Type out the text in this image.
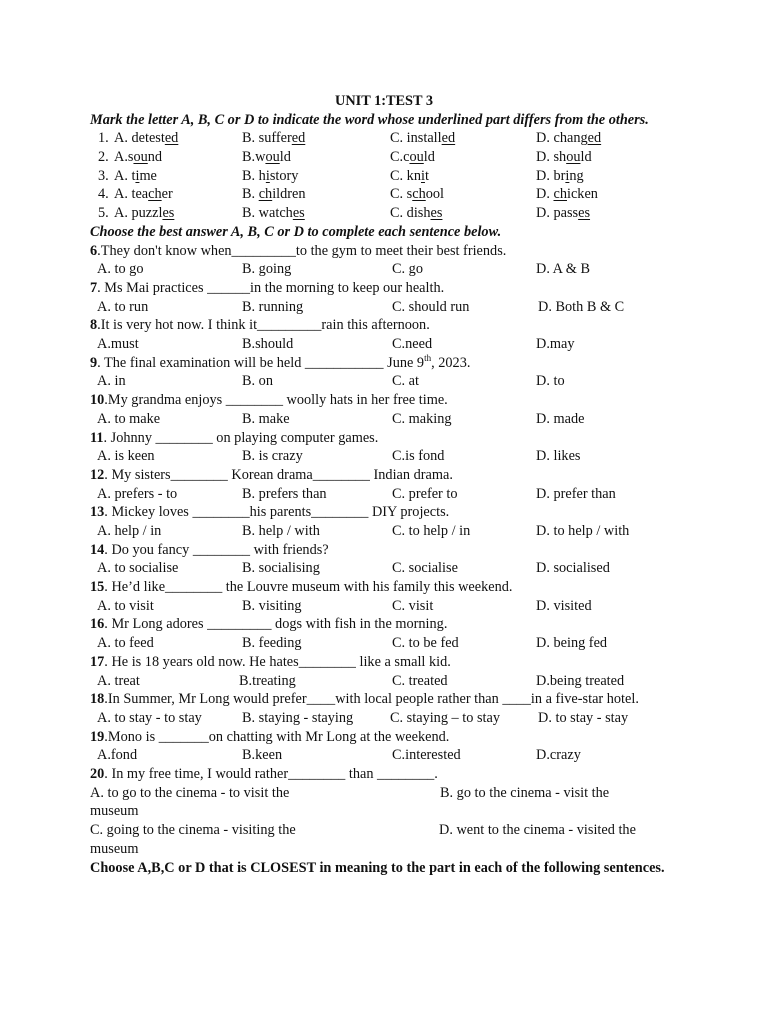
UNIT 1:TEST 3
Mark the letter A, B, C or D to indicate the word whose underlined part differs from the others.
1. A. detested	B. suffered	C. installed	D. changed
2. A.sound	B.would	C.could	D. should
3. A. time	B. history	C. knit	D. bring
4. A. teacher	B. children	C. school	D. chicken
5. A. puzzles	B. watches	C. dishes	D. passes
Choose the best answer A, B, C or D to complete each sentence below.
6.They don't know when_________to the gym to meet their best friends.
A. to go	B. going	C. go	D. A & B
7. Ms Mai practices ______in the morning to keep our health.
A. to run	B. running	C. should run	D. Both B & C
8.It is very hot now. I think it_________rain this afternoon.
A.must	B.should	C.need	D.may
9. The final examination will be held ___________ June 9th, 2023.
A. in	B. on	C. at	D. to
10.My grandma enjoys ________ woolly hats in her free time.
A. to make	B. make	C. making	D. made
11. Johnny ________ on playing computer games.
A. is keen	B. is crazy	C.is fond	D. likes
12. My sisters________ Korean drama________ Indian drama.
A. prefers - to	B. prefers than	C. prefer to	D. prefer than
13. Mickey loves ________his parents________ DIY projects.
A. help / in	B. help / with	C. to help / in	D. to help / with
14. Do you fancy ________ with friends?
A. to socialise	B. socialising	C. socialise	D. socialised
15. He’d like________ the Louvre museum with his family this weekend.
A. to visit	B. visiting	C. visit	D. visited
16. Mr Long adores _________ dogs with fish in the morning.
A. to feed	B. feeding	C. to be fed	D. being fed
17. He is 18 years old now. He hates________ like a small kid.
A. treat	B.treating	C. treated	D.being treated
18.In Summer, Mr Long would prefer____with local people rather than ____in a five-star hotel.
A. to stay - to stay	B. staying - staying	C. staying – to stay	D. to stay - stay
19.Mono is _______on chatting with Mr Long at the weekend.
A.fond	B.keen	C.interested	D.crazy
20. In my free time, I would rather________ than ________.
A. to go to the cinema - to visit the	B. go to the cinema - visit the
museum
C. going to the cinema - visiting the	D. went to the cinema - visited the
museum
Choose A,B,C or D that is CLOSEST in meaning to the part in each of the following sentences.
